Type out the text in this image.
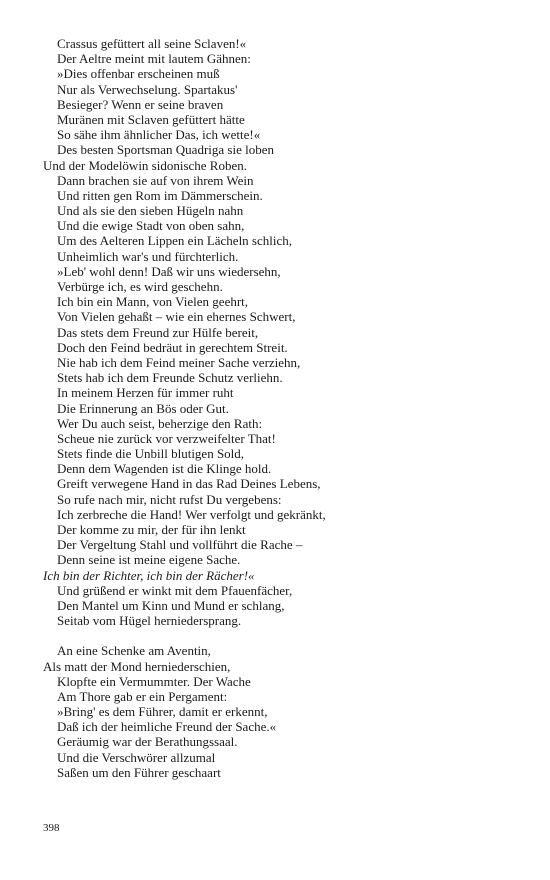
Crassus gefüttert all seine Sclaven!«
Der Aeltre meint mit lautem Gähnen:
»Dies offenbar erscheinen muß
Nur als Verwechselung. Spartakus'
Besieger? Wenn er seine braven
Muränen mit Sclaven gefüttert hätte
So sähe ihm ähnlicher Das, ich wette!«
Des besten Sportsman Quadriga sie loben
Und der Modelöwin sidonische Roben.
Dann brachen sie auf von ihrem Wein
Und ritten gen Rom im Dämmerschein.
Und als sie den sieben Hügeln nahn
Und die ewige Stadt von oben sahn,
Um des Aelteren Lippen ein Lächeln schlich,
Unheimlich war's und fürchterlich.
»Leb' wohl denn! Daß wir uns wiedersehn,
Verbürge ich, es wird geschehn.
Ich bin ein Mann, von Vielen geehrt,
Von Vielen gehaßt – wie ein ehernes Schwert,
Das stets dem Freund zur Hülfe bereit,
Doch den Feind bedräut in gerechtem Streit.
Nie hab ich dem Feind meiner Sache verziehn,
Stets hab ich dem Freunde Schutz verliehn.
In meinem Herzen für immer ruht
Die Erinnerung an Bös oder Gut.
Wer Du auch seist, beherzige den Rath:
Scheue nie zurück vor verzweifelter That!
Stets finde die Unbill blutigen Sold,
Denn dem Wagenden ist die Klinge hold.
Greift verwegene Hand in das Rad Deines Lebens,
So rufe nach mir, nicht rufst Du vergebens:
Ich zerbreche die Hand! Wer verfolgt und gekränkt,
Der komme zu mir, der für ihn lenkt
Der Vergeltung Stahl und vollführt die Rache –
Denn seine ist meine eigene Sache.
Ich bin der Richter, ich bin der Rächer!«
Und grüßend er winkt mit dem Pfauenfächer,
Den Mantel um Kinn und Mund er schlang,
Seitab vom Hügel herniedersprang.
An eine Schenke am Aventin,
Als matt der Mond herniederschien,
Klopfte ein Vermummter. Der Wache
Am Thore gab er ein Pergament:
»Bring' es dem Führer, damit er erkennt,
Daß ich der heimliche Freund der Sache.«
Geräumig war der Berathungssaal.
Und die Verschwörer allzumal
Saßen um den Führer geschaart
398
